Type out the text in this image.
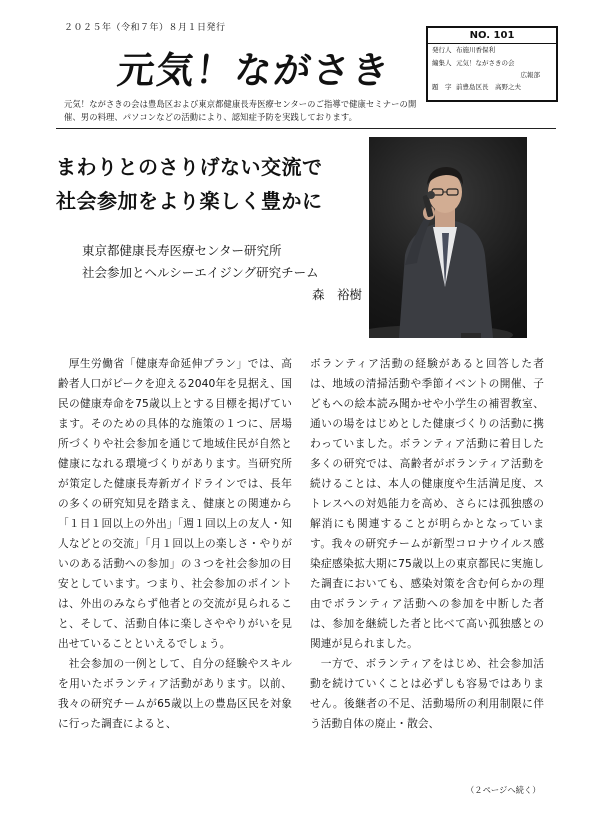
２０２５年（令和７年）８月１日発行
元気！ながさき
NO. 101
発行人 布施川香保利
編集人 元気！ながさきの会
広報部
題　字 前豊島区長　高野之夫
元気！ながさきの会は豊島区および東京都健康長寿医療センターのご指導で健康セミナーの開催、男の料理、パソコンなどの活動により、認知症予防を実践しております。
まわりとのさりげない交流で
社会参加をより楽しく豊かに
東京都健康長寿医療センター研究所
社会参加とヘルシーエイジング研究チーム
森　裕樹

厚生労働省「健康寿命延伸プラン」では、高齢者人口がピークを迎える2040年を見据え、国民の健康寿命を75歳以上とする目標を掲げています。そのための具体的な施策の１つに、居場所づくりや社会参加を通じて地域住民が自然と健康になれる環境づくりがあります。当研究所が策定した健康長寿新ガイドラインでは、長年の多くの研究知見を踏まえ、健康との関連から「１日１回以上の外出」「週１回以上の友人・知人などとの交流」「月１回以上の楽しさ・やりがいのある活動への参加」の３つを社会参加の目安としています。つまり、社会参加のポイントは、外出のみならず他者との交流が見られること、そして、活動自体に楽しさややりがいを見出せていることといえるでしょう。

社会参加の一例として、自分の経験やスキルを用いたボランティア活動があります。以前、我々の研究チームが65歳以上の豊島区民を対象に行った調査によると、

ボランティア活動の経験があると回答した者は、地域の清掃活動や季節イベントの開催、子どもへの絵本読み聞かせや小学生の補習教室、通いの場をはじめとした健康づくりの活動に携わっていました。ボランティア活動に着目した多くの研究では、高齢者がボランティア活動を続けることは、本人の健康度や生活満足度、ストレスへの対処能力を高め、さらには孤独感の解消にも関連することが明らかとなっています。我々の研究チームが新型コロナウイルス感染症感染拡大期に75歳以上の東京都民に実施した調査においても、感染対策を含む何らかの理由でボランティア活動への参加を中断した者は、参加を継続した者と比べて高い孤独感との関連が見られました。

一方で、ボランティアをはじめ、社会参加活動を続けていくことは必ずしも容易ではありません。後継者の不足、活動場所の利用制限に伴う活動自体の廃止・散会、

（２ページへ続く）
